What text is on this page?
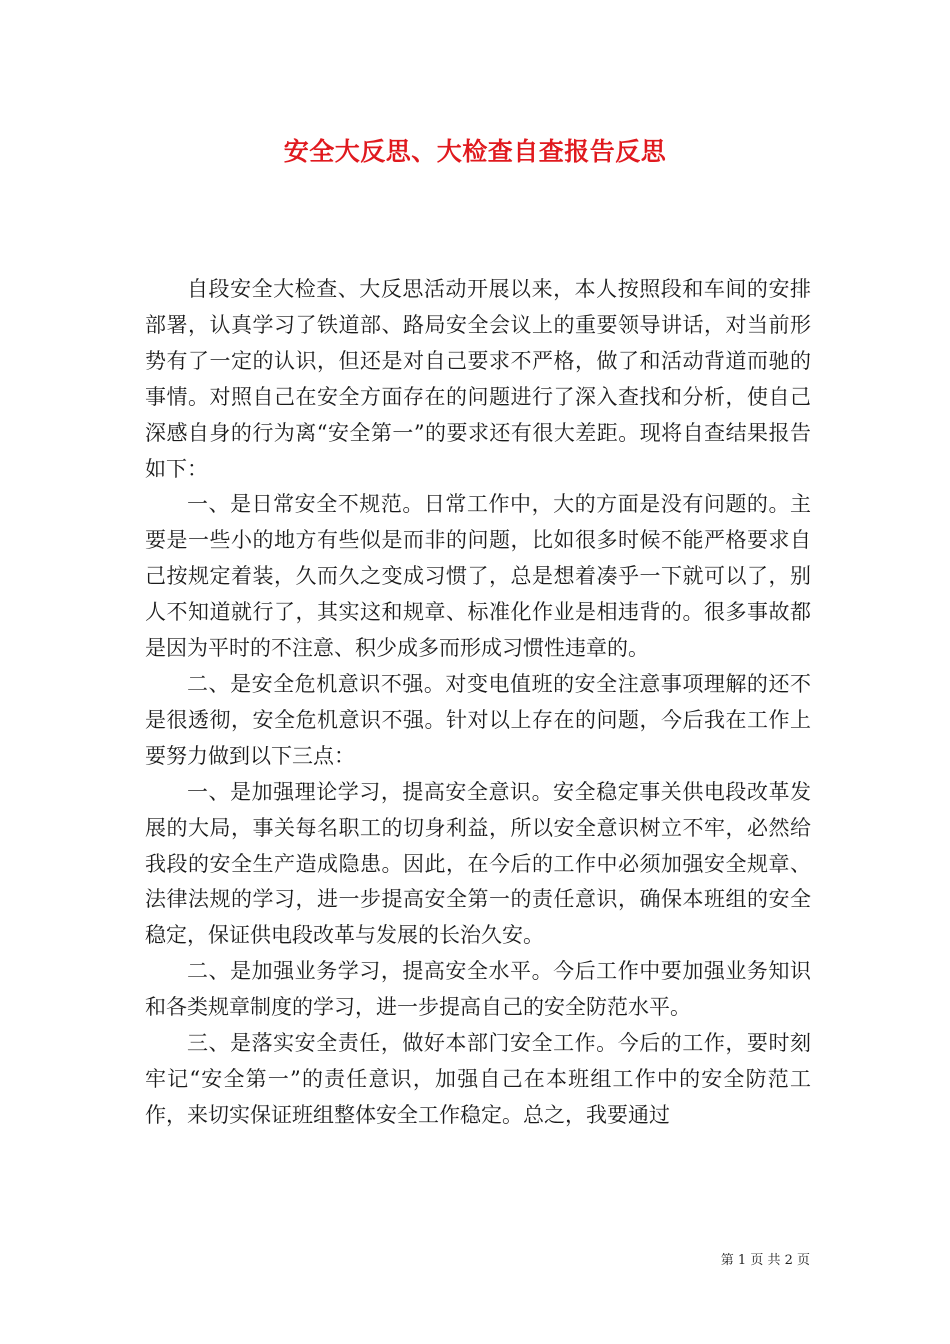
安全大反思、大检查自查报告反思

自段安全大检查、大反思活动开展以来，本人按照段和车间的安排部署，认真学习了铁道部、路局安全会议上的重要领导讲话，对当前形势有了一定的认识，但还是对自己要求不严格，做了和活动背道而驰的事情。对照自己在安全方面存在的问题进行了深入查找和分析，使自己深感自身的行为离“安全第一”的要求还有很大差距。现将自查结果报告如下：

一、是日常安全不规范。日常工作中，大的方面是没有问题的。主要是一些小的地方有些似是而非的问题，比如很多时候不能严格要求自己按规定着装，久而久之变成习惯了，总是想着凑乎一下就可以了，别人不知道就行了，其实这和规章、标准化作业是相违背的。很多事故都是因为平时的不注意、积少成多而形成习惯性违章的。

二、是安全危机意识不强。对变电值班的安全注意事项理解的还不是很透彻，安全危机意识不强。针对以上存在的问题，今后我在工作上要努力做到以下三点：

一、是加强理论学习，提高安全意识。安全稳定事关供电段改革发展的大局，事关每名职工的切身利益，所以安全意识树立不牢，必然给我段的安全生产造成隐患。因此，在今后的工作中必须加强安全规章、法律法规的学习，进一步提高安全第一的责任意识，确保本班组的安全稳定，保证供电段改革与发展的长治久安。

二、是加强业务学习，提高安全水平。今后工作中要加强业务知识和各类规章制度的学习，进一步提高自己的安全防范水平。

三、是落实安全责任，做好本部门安全工作。今后的工作，要时刻牢记“安全第一”的责任意识，加强自己在本班组工作中的安全防范工作，来切实保证班组整体安全工作稳定。总之，我要通过

第 1 页 共 2 页
